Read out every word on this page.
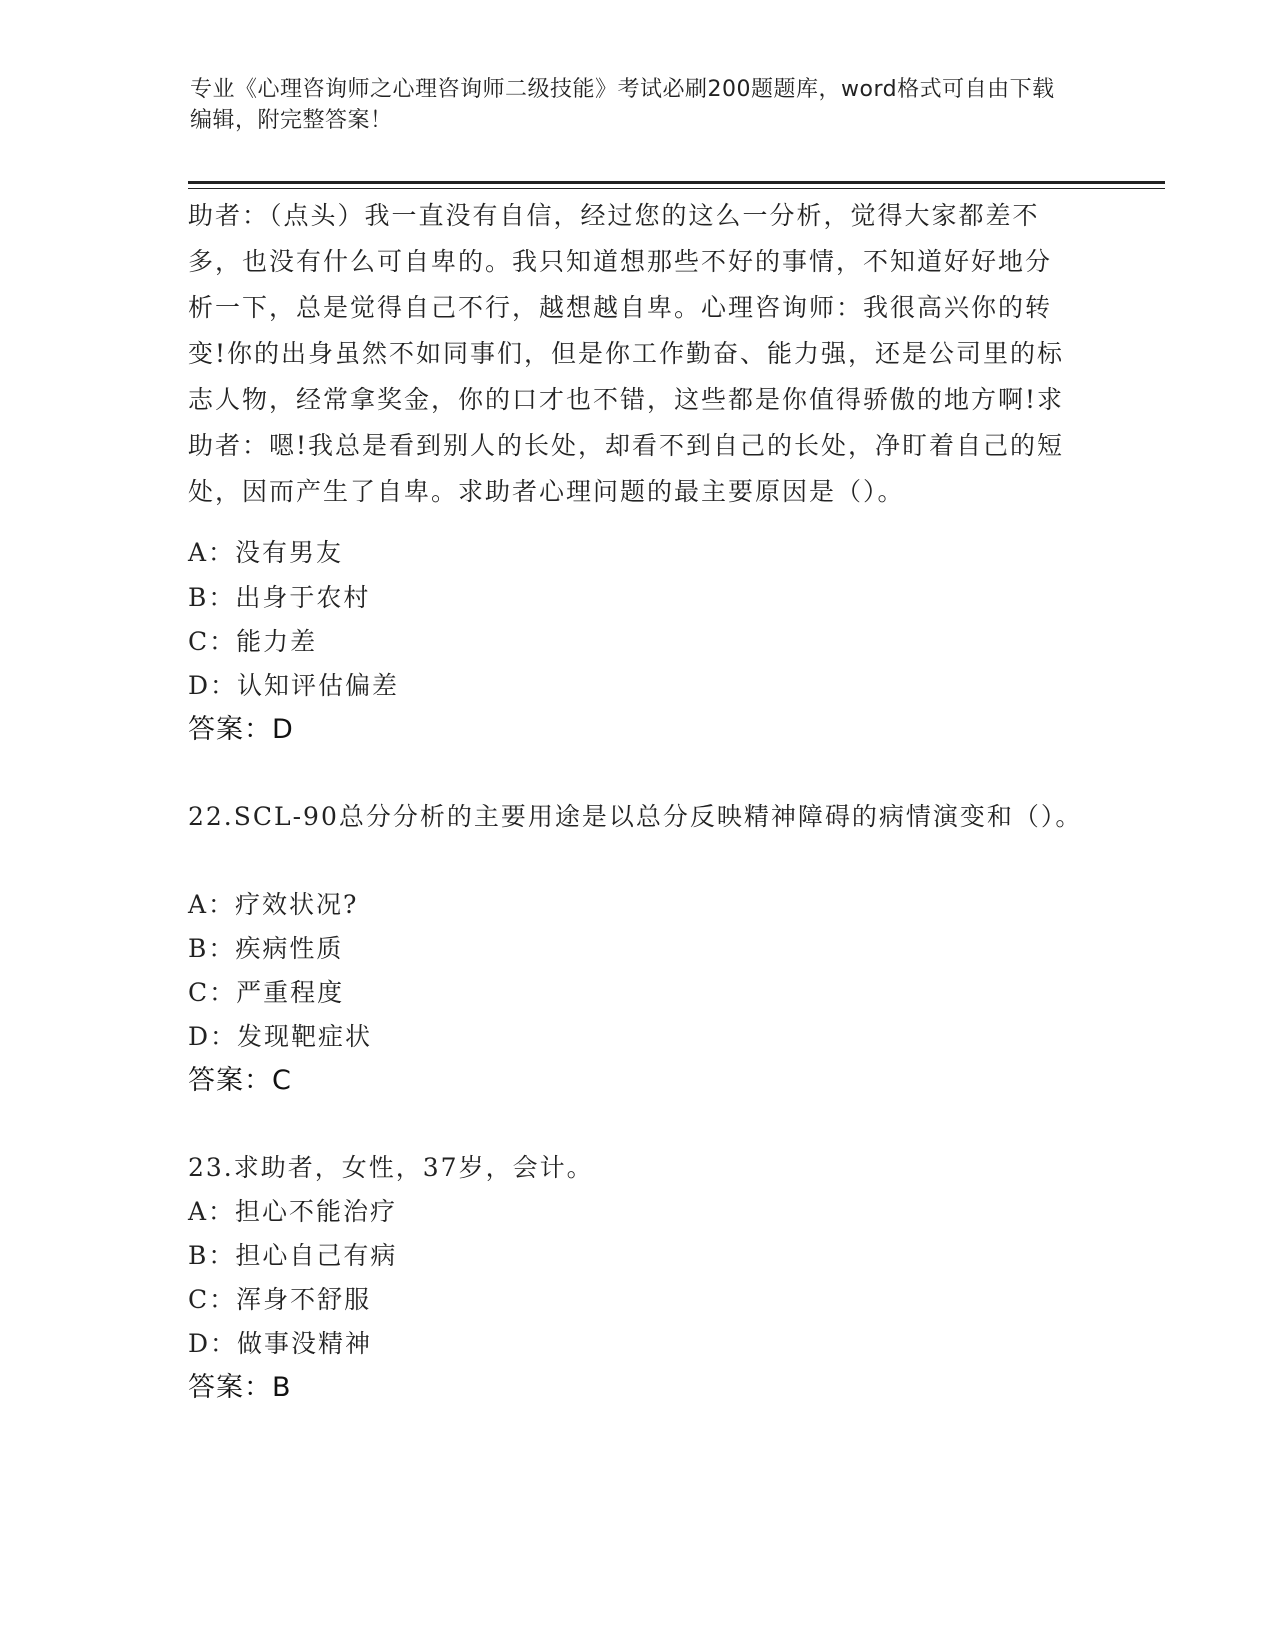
专业《心理咨询师之心理咨询师二级技能》考试必刷200题题库，word格式可自由下载编辑，附完整答案！
助者：（点头）我一直没有自信，经过您的这么一分析，觉得大家都差不多，也没有什么可自卑的。我只知道想那些不好的事情，不知道好好地分析一下，总是觉得自己不行，越想越自卑。心理咨询师：我很高兴你的转变!你的出身虽然不如同事们，但是你工作勤奋、能力强，还是公司里的标志人物，经常拿奖金，你的口才也不错，这些都是你值得骄傲的地方啊!求助者：嗯!我总是看到别人的长处，却看不到自己的长处，净盯着自己的短处，因而产生了自卑。求助者心理问题的最主要原因是（）。
A：没有男友
B：出身于农村
C：能力差
D：认知评估偏差
答案：D
22.SCL-90总分分析的主要用途是以总分反映精神障碍的病情演变和（）。
A：疗效状况?
B：疾病性质
C：严重程度
D：发现靶症状
答案：C
23.求助者，女性，37岁，会计。
A：担心不能治疗
B：担心自己有病
C：浑身不舒服
D：做事没精神
答案：B
